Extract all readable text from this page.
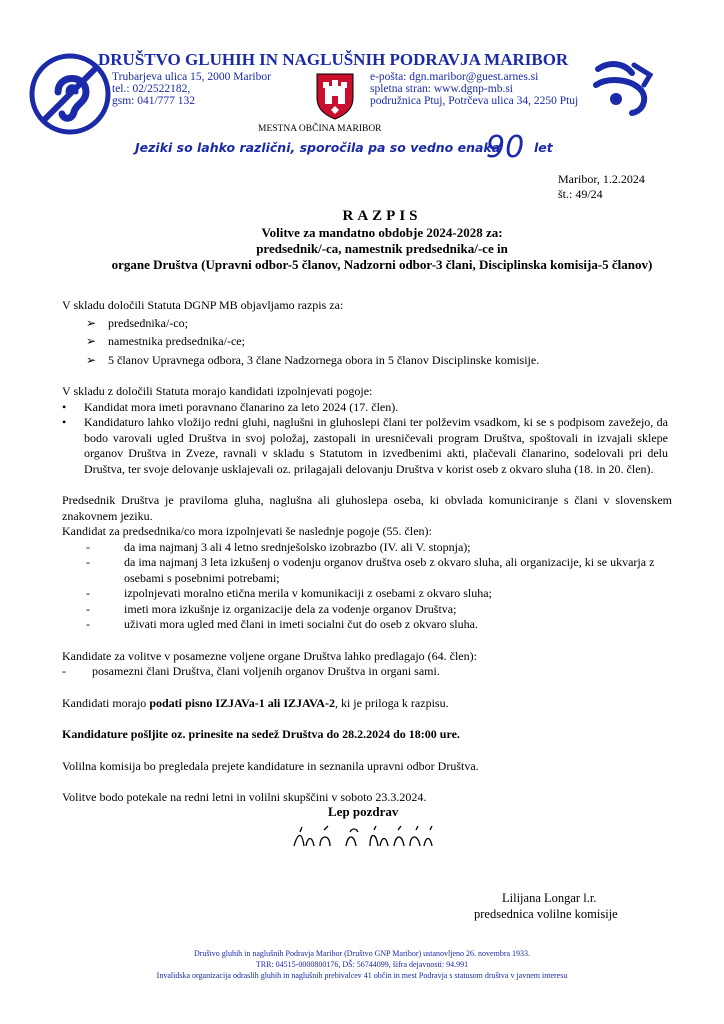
DRUŠTVO GLUHIH IN NAGLUŠNIH PODRAVJA MARIBOR
Trubarjeva ulica 15, 2000 Maribor
tel.: 02/2522182,
gsm: 041/777 132
e-pošta: dgn.maribor@guest.arnes.si
spletna stran: www.dgnp-mb.si
podružnica Ptuj, Potrčeva ulica 34, 2250 Ptuj
MESTNA OBČINA MARIBOR
Jeziki so lahko različni, sporočila pa so vedno enaka
90 let
Maribor, 1.2.2024
št.: 49/24
RAZPIS
Volitve za mandatno obdobje 2024-2028 za:
predsednik/-ca, namestnik predsednika/-ce in
organe Društva (Upravni odbor-5 članov, Nadzorni odbor-3 člani, Disciplinska komisija-5 članov)

V skladu določili Statuta DGNP MB objavljamo razpis za:

➢ predsednika/-co;
➢ namestnika predsednika/-ce;
➢ 5 članov Upravnega odbora, 3 člane Nadzornega obora in 5 članov Disciplinske komisije.

V skladu z določili Statuta morajo kandidati izpolnjevati pogoje:

•	Kandidat mora imeti poravnano članarino za leto 2024 (17. člen).
•	Kandidaturo lahko vložijo redni gluhi, naglušni in gluhoslepi člani ter polževim vsadkom, ki se s podpisom zavežejo, da bodo varovali ugled Društva in svoj položaj, zastopali in uresničevali program Društva, spoštovali in izvajali sklepe organov Društva in Zveze, ravnali v skladu s Statutom in izvedbenimi akti, plačevali članarino, sodelovali pri delu Društva, ter svoje delovanje usklajevali oz. prilagajali delovanju Društva v korist oseb z okvaro sluha (18. in 20. člen).

Predsednik Društva je praviloma gluha, naglušna ali gluhoslepa oseba, ki obvlada komuniciranje s člani v slovenskem znakovnem jeziku.

Kandidat za predsednika/co mora izpolnjevati še naslednje pogoje (55. člen):

-	da ima najmanj 3 ali 4 letno srednješolsko izobrazbo (IV. ali V. stopnja);
-	da ima najmanj 3 leta izkušenj o vodenju organov društva oseb z okvaro sluha, ali organizacije, ki se ukvarja z osebami s posebnimi potrebami;
-	izpolnjevati moralno etična merila v komunikaciji z osebami z okvaro sluha;
-	imeti mora izkušnje iz organizacije dela za vodenje organov Društva;
-	uživati mora ugled med člani in imeti socialni čut do oseb z okvaro sluha.

Kandidate za volitve v posamezne voljene organe Društva lahko predlagajo (64. člen):

-	posamezni člani Društva, člani voljenih organov Društva in organi sami.

Kandidati morajo podati pisno IZJAVa-1 ali IZJAVA-2, ki je priloga k razpisu.

Kandidature pošljite oz. prinesite na sedež Društva do 28.2.2024 do 18:00 ure.

Volilna komisija bo pregledala prejete kandidature in seznanila upravni odbor Društva.

Volitve bodo potekale na redni letni in volilni skupščini v soboto 23.3.2024.

Lep pozdrav
Lilijana Longar l.r.
predsednica volilne komisije
Društvo gluhih in naglušnih Podravja Maribor (Društvo GNP Maribor) ustanovljeno 26. novembra 1933.
TRR: 04515-0000800176, DŠ: 56744099, šifra dejavnosti: 94.991
Invalidska organizacija odraslih gluhih in naglušnih prebivalcev 41 občin in mest Podravja s statusom društva v javnem interesu
